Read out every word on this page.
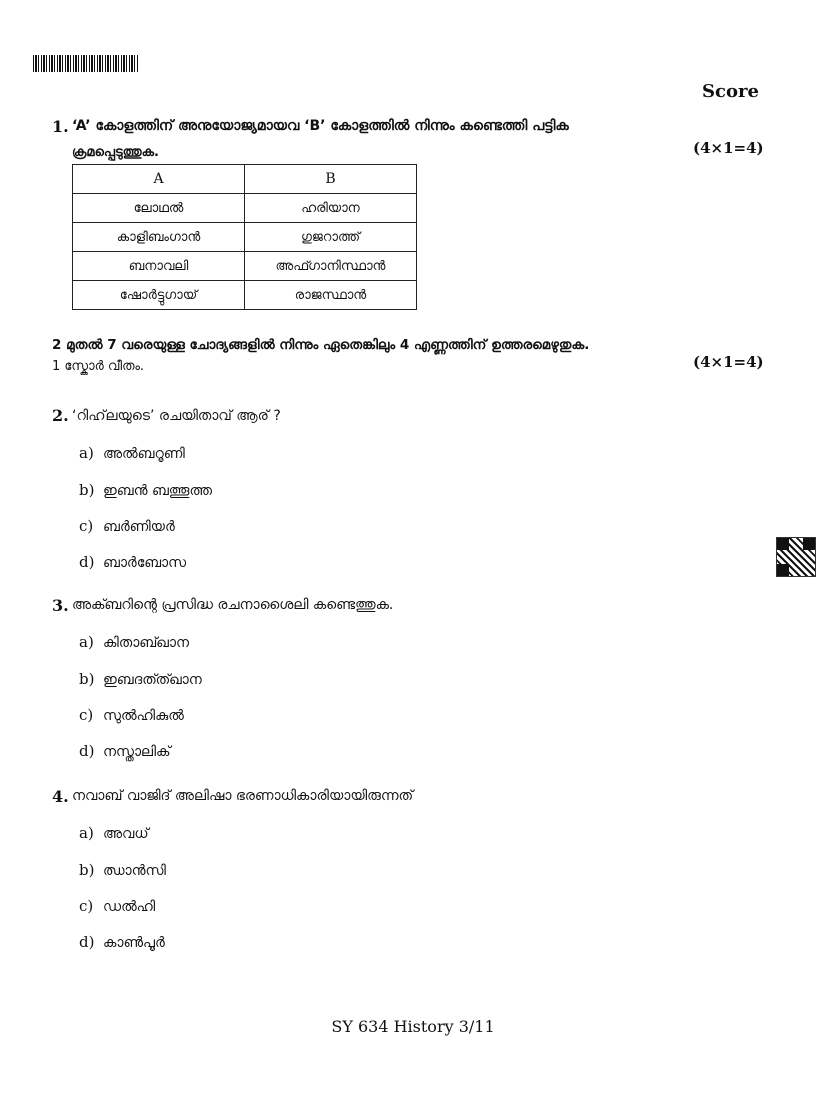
Score
1. ‘A’ കോളത്തിന് അനുയോജ്യമായവ ‘B’ കോളത്തിൽ നിന്നും കണ്ടെത്തി പട്ടിക
ക്രമപ്പെടുത്തുക.	(4×1=4)
A	B
ലോഥൽ	ഹരിയാന
കാളിബംഗാൻ	ഗുജറാത്ത്
ബനാവലി	അഫ്ഗാനിസ്ഥാൻ
ഷോർട്ടുഗായ്	രാജസ്ഥാൻ
2 മുതൽ 7 വരെയുള്ള ചോദ്യങ്ങളിൽ നിന്നും ഏതെങ്കിലും 4 എണ്ണത്തിന് ഉത്തരമെഴുതുക.
1 സ്കോർ വീതം.	(4×1=4)
2. ‘റിഹ്‌ലയുടെ’ രചയിതാവ് ആര് ?
a) അൽബറൂണി
b) ഇബൻ ബത്തൂത്ത
c) ബർണിയർ
d) ബാർബോസ
3. അക്ബറിന്റെ പ്രസിദ്ധ രചനാശൈലി കണ്ടെത്തുക.
a) കിതാബ്ഖാന
b) ഇബദത്ത്ഖാന
c) സുൽഹികുൽ
d) നസ്താലിക്
4. നവാബ് വാജിദ് അലിഷാ ഭരണാധികാരിയായിരുന്നത്
a) അവധ്
b) ഝാൻസി
c) ഡൽഹി
d) കാൺപൂർ
SY 634 History 3/11
